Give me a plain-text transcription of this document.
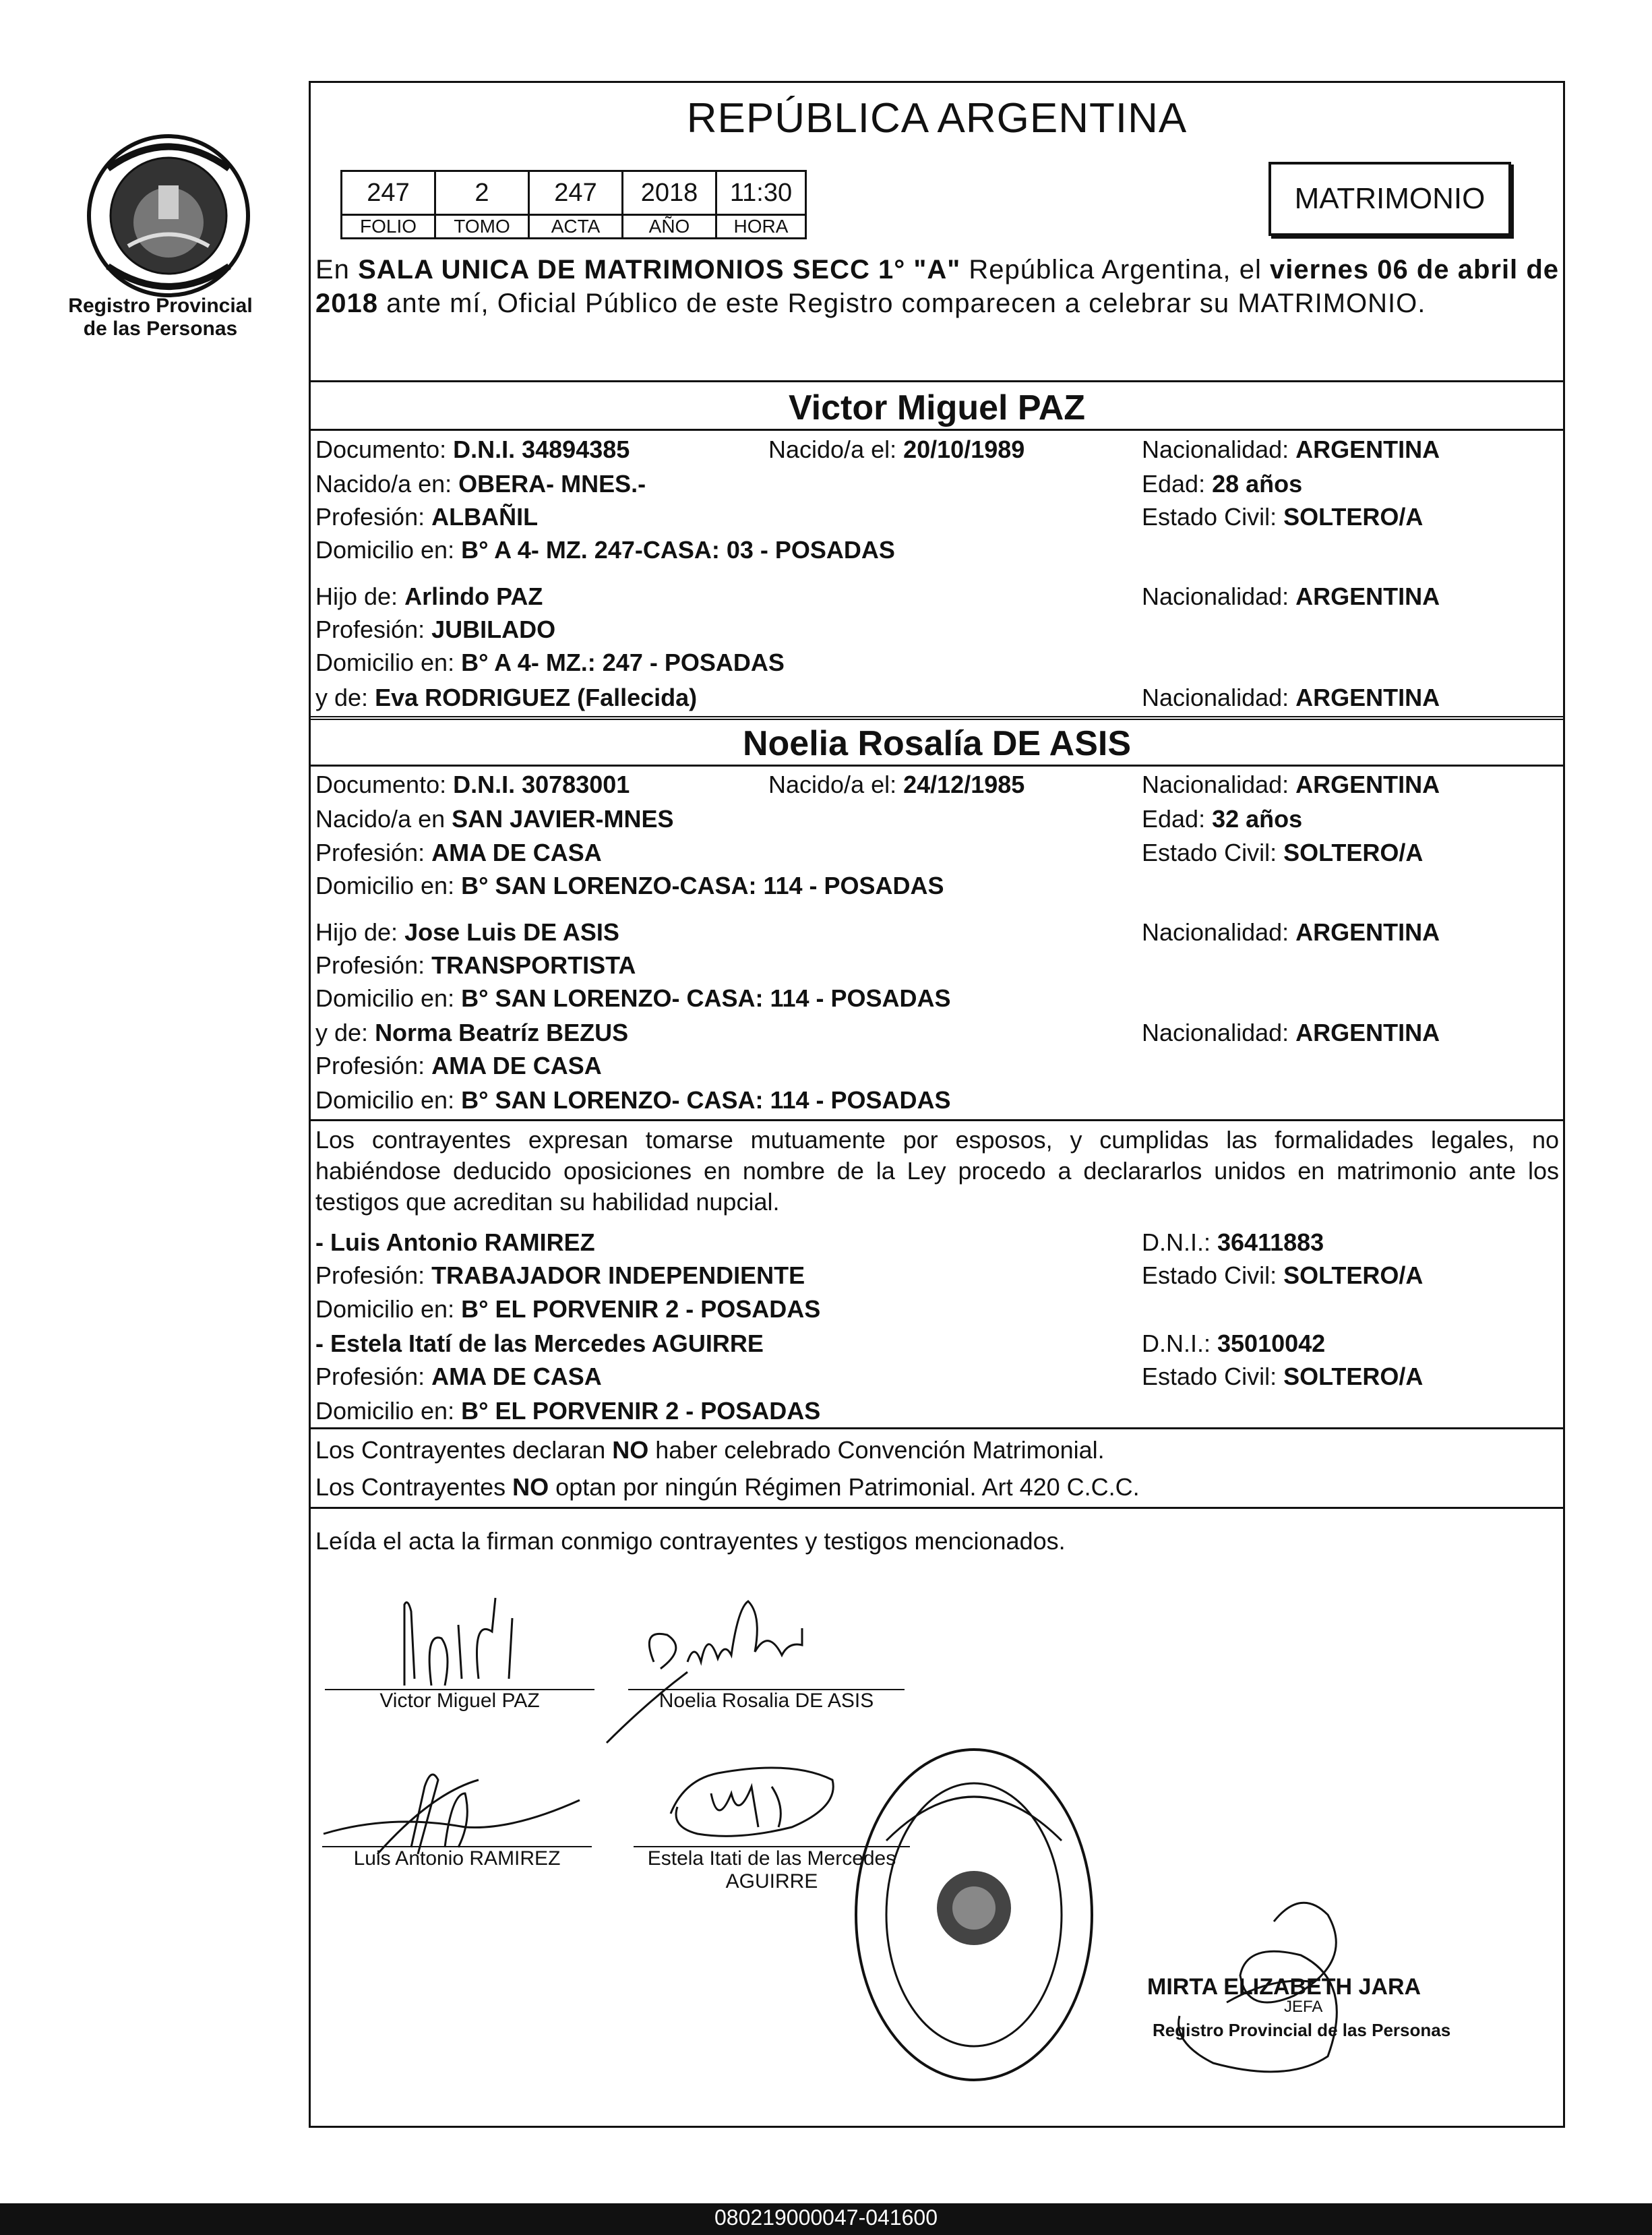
Registro Provincial
de las Personas
REPÚBLICA ARGENTINA
247	2	247	2018	11:30
FOLIO	TOMO	ACTA	AÑO	HORA
MATRIMONIO
En SALA UNICA DE MATRIMONIOS SECC 1° "A" República Argentina, el viernes 06 de abril de 2018 ante mí, Oficial Público de este Registro comparecen a celebrar su MATRIMONIO.
Victor Miguel PAZ
Documento: D.N.I. 34894385	Nacido/a el: 20/10/1989	Nacionalidad: ARGENTINA
Nacido/a en: OBERA- MNES.-	Edad: 28 años
Profesión: ALBAÑIL	Estado Civil: SOLTERO/A
Domicilio en: B° A 4- MZ. 247-CASA: 03 - POSADAS
Hijo de: Arlindo PAZ	Nacionalidad: ARGENTINA
Profesión: JUBILADO
Domicilio en: B° A 4- MZ.: 247 - POSADAS
y de: Eva RODRIGUEZ (Fallecida)	Nacionalidad: ARGENTINA
Noelia Rosalía DE ASIS
Documento: D.N.I. 30783001	Nacido/a el: 24/12/1985	Nacionalidad: ARGENTINA
Nacido/a en SAN JAVIER-MNES	Edad: 32 años
Profesión: AMA DE CASA	Estado Civil: SOLTERO/A
Domicilio en: B° SAN LORENZO-CASA: 114 - POSADAS
Hijo de: Jose Luis DE ASIS	Nacionalidad: ARGENTINA
Profesión: TRANSPORTISTA
Domicilio en: B° SAN LORENZO- CASA: 114 - POSADAS
y de: Norma Beatríz BEZUS	Nacionalidad: ARGENTINA
Profesión: AMA DE CASA
Domicilio en: B° SAN LORENZO- CASA: 114 - POSADAS
Los contrayentes expresan tomarse mutuamente por esposos, y cumplidas las formalidades legales, no habiéndose deducido oposiciones en nombre de la Ley procedo a declararlos unidos en matrimonio ante los testigos que acreditan su habilidad nupcial.
- Luis Antonio RAMIREZ	D.N.I.: 36411883
Profesión: TRABAJADOR INDEPENDIENTE	Estado Civil: SOLTERO/A
Domicilio en: B° EL PORVENIR 2 - POSADAS
- Estela Itatí de las Mercedes AGUIRRE	D.N.I.: 35010042
Profesión: AMA DE CASA	Estado Civil: SOLTERO/A
Domicilio en: B° EL PORVENIR 2 - POSADAS
Los Contrayentes declaran NO haber celebrado Convención Matrimonial.
Los Contrayentes NO optan por ningún Régimen Patrimonial. Art 420 C.C.C.
Leída el acta la firman conmigo contrayentes y testigos mencionados.
Victor Miguel PAZ	Noelia Rosalia DE ASIS
Luis Antonio RAMIREZ	Estela Itati de las Mercedes
AGUIRRE
MIRTA ELIZABETH JARA
JEFA
Registro Provincial de las Personas
080219000047-041600
